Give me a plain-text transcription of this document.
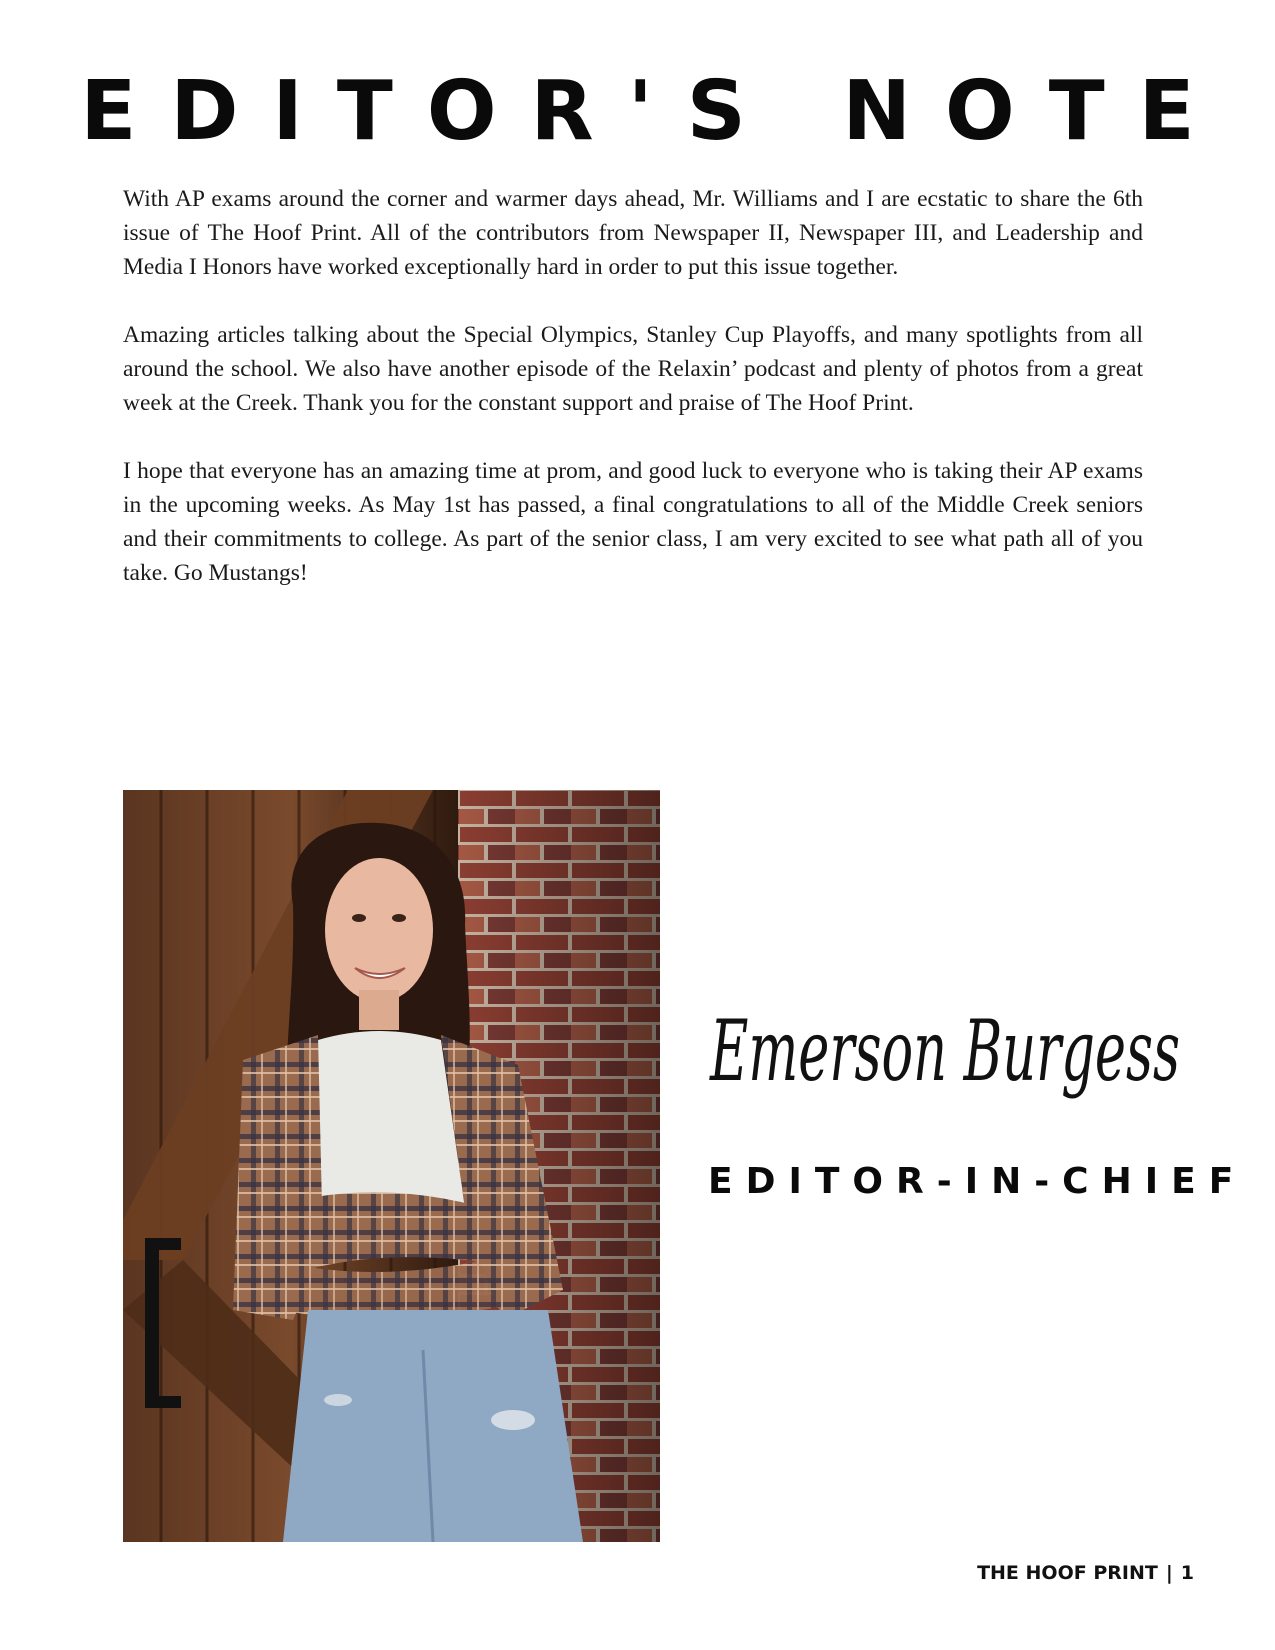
EDITOR'S NOTE

With AP exams around the corner and warmer days ahead, Mr. Williams and I are ecstatic to share the 6th issue of The Hoof Print. All of the contributors from Newspaper II, Newspaper III, and Leadership and Media I Honors have worked exceptionally hard in order to put this issue together.

Amazing articles talking about the Special Olympics, Stanley Cup Playoffs, and many spotlights from all around the school. We also have another episode of the Relaxin’ podcast and plenty of photos from a great week at the Creek. Thank you for the constant support and praise of The Hoof Print.

I hope that everyone has an amazing time at prom, and good luck to everyone who is taking their AP exams in the upcoming weeks. As May 1st has passed, a final congratulations to all of the Middle Creek seniors and their commitments to college. As part of the senior class, I am very excited to see what path all of you take. Go Mustangs!

Emerson Burgess
EDITOR-IN-CHIEF
THE HOOF PRINT | 1
